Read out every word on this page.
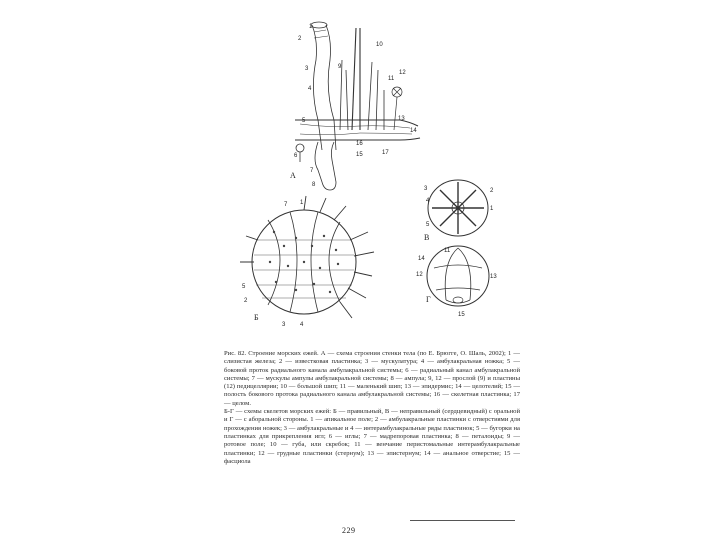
1
2
3
4
5
6
7
8
9
10
11
12
13
14
15
16
17
А
7 1
5
3 4
2
Б
3
4
5
2
1
В
11
12	13
14
15
Г

Рис. 82. Строение морских ежей. А — схема строения стенки тела (по Е. Брюгге, О. Шаль, 2002); 1 — слизистая железа; 2 — известковая пластинка; 3 — мускулатура; 4 — амбулакральная ножка; 5 — боковой проток радиального канала амбулакральной системы; 6 — радиальный канал амбулакральной системы; 7 — мускулы ампулы амбулакральной системы; 8 — ампула; 9, 12 — прослой (9) и пластины (12) педицеллярии; 10 — большой шип; 11 — маленький шип; 13 — эпидермис; 14 — целотелий; 15 — полость бокового протока радиального канала амбулакральной системы; 16 — скелетная пластинка; 17 — целом.

Б-Г — схемы скелетов морских ежей: Б — правильный, В — неправильный (сердцевидный) с оральной и Г — с аборальной стороны. 1 — апикальное поле; 2 — амбулакральные пластинки с отверстиями для прохождения ножек; 3 — амбулакральные и 4 — интерамбулакральные ряды пластинок; 5 — бугорки на пластинках для прикрепления игл; 6 — иглы; 7 — мадрепоровая пластинка; 8 — петалоиды; 9 — ротовое поле; 10 — губа, или скребок; 11 — венчание перистомальные интерамбулакральные пластинки; 12 — грудные пластинки (стернум); 13 — эпистернум; 14 — анальное отверстие; 15 — фасциола

229
